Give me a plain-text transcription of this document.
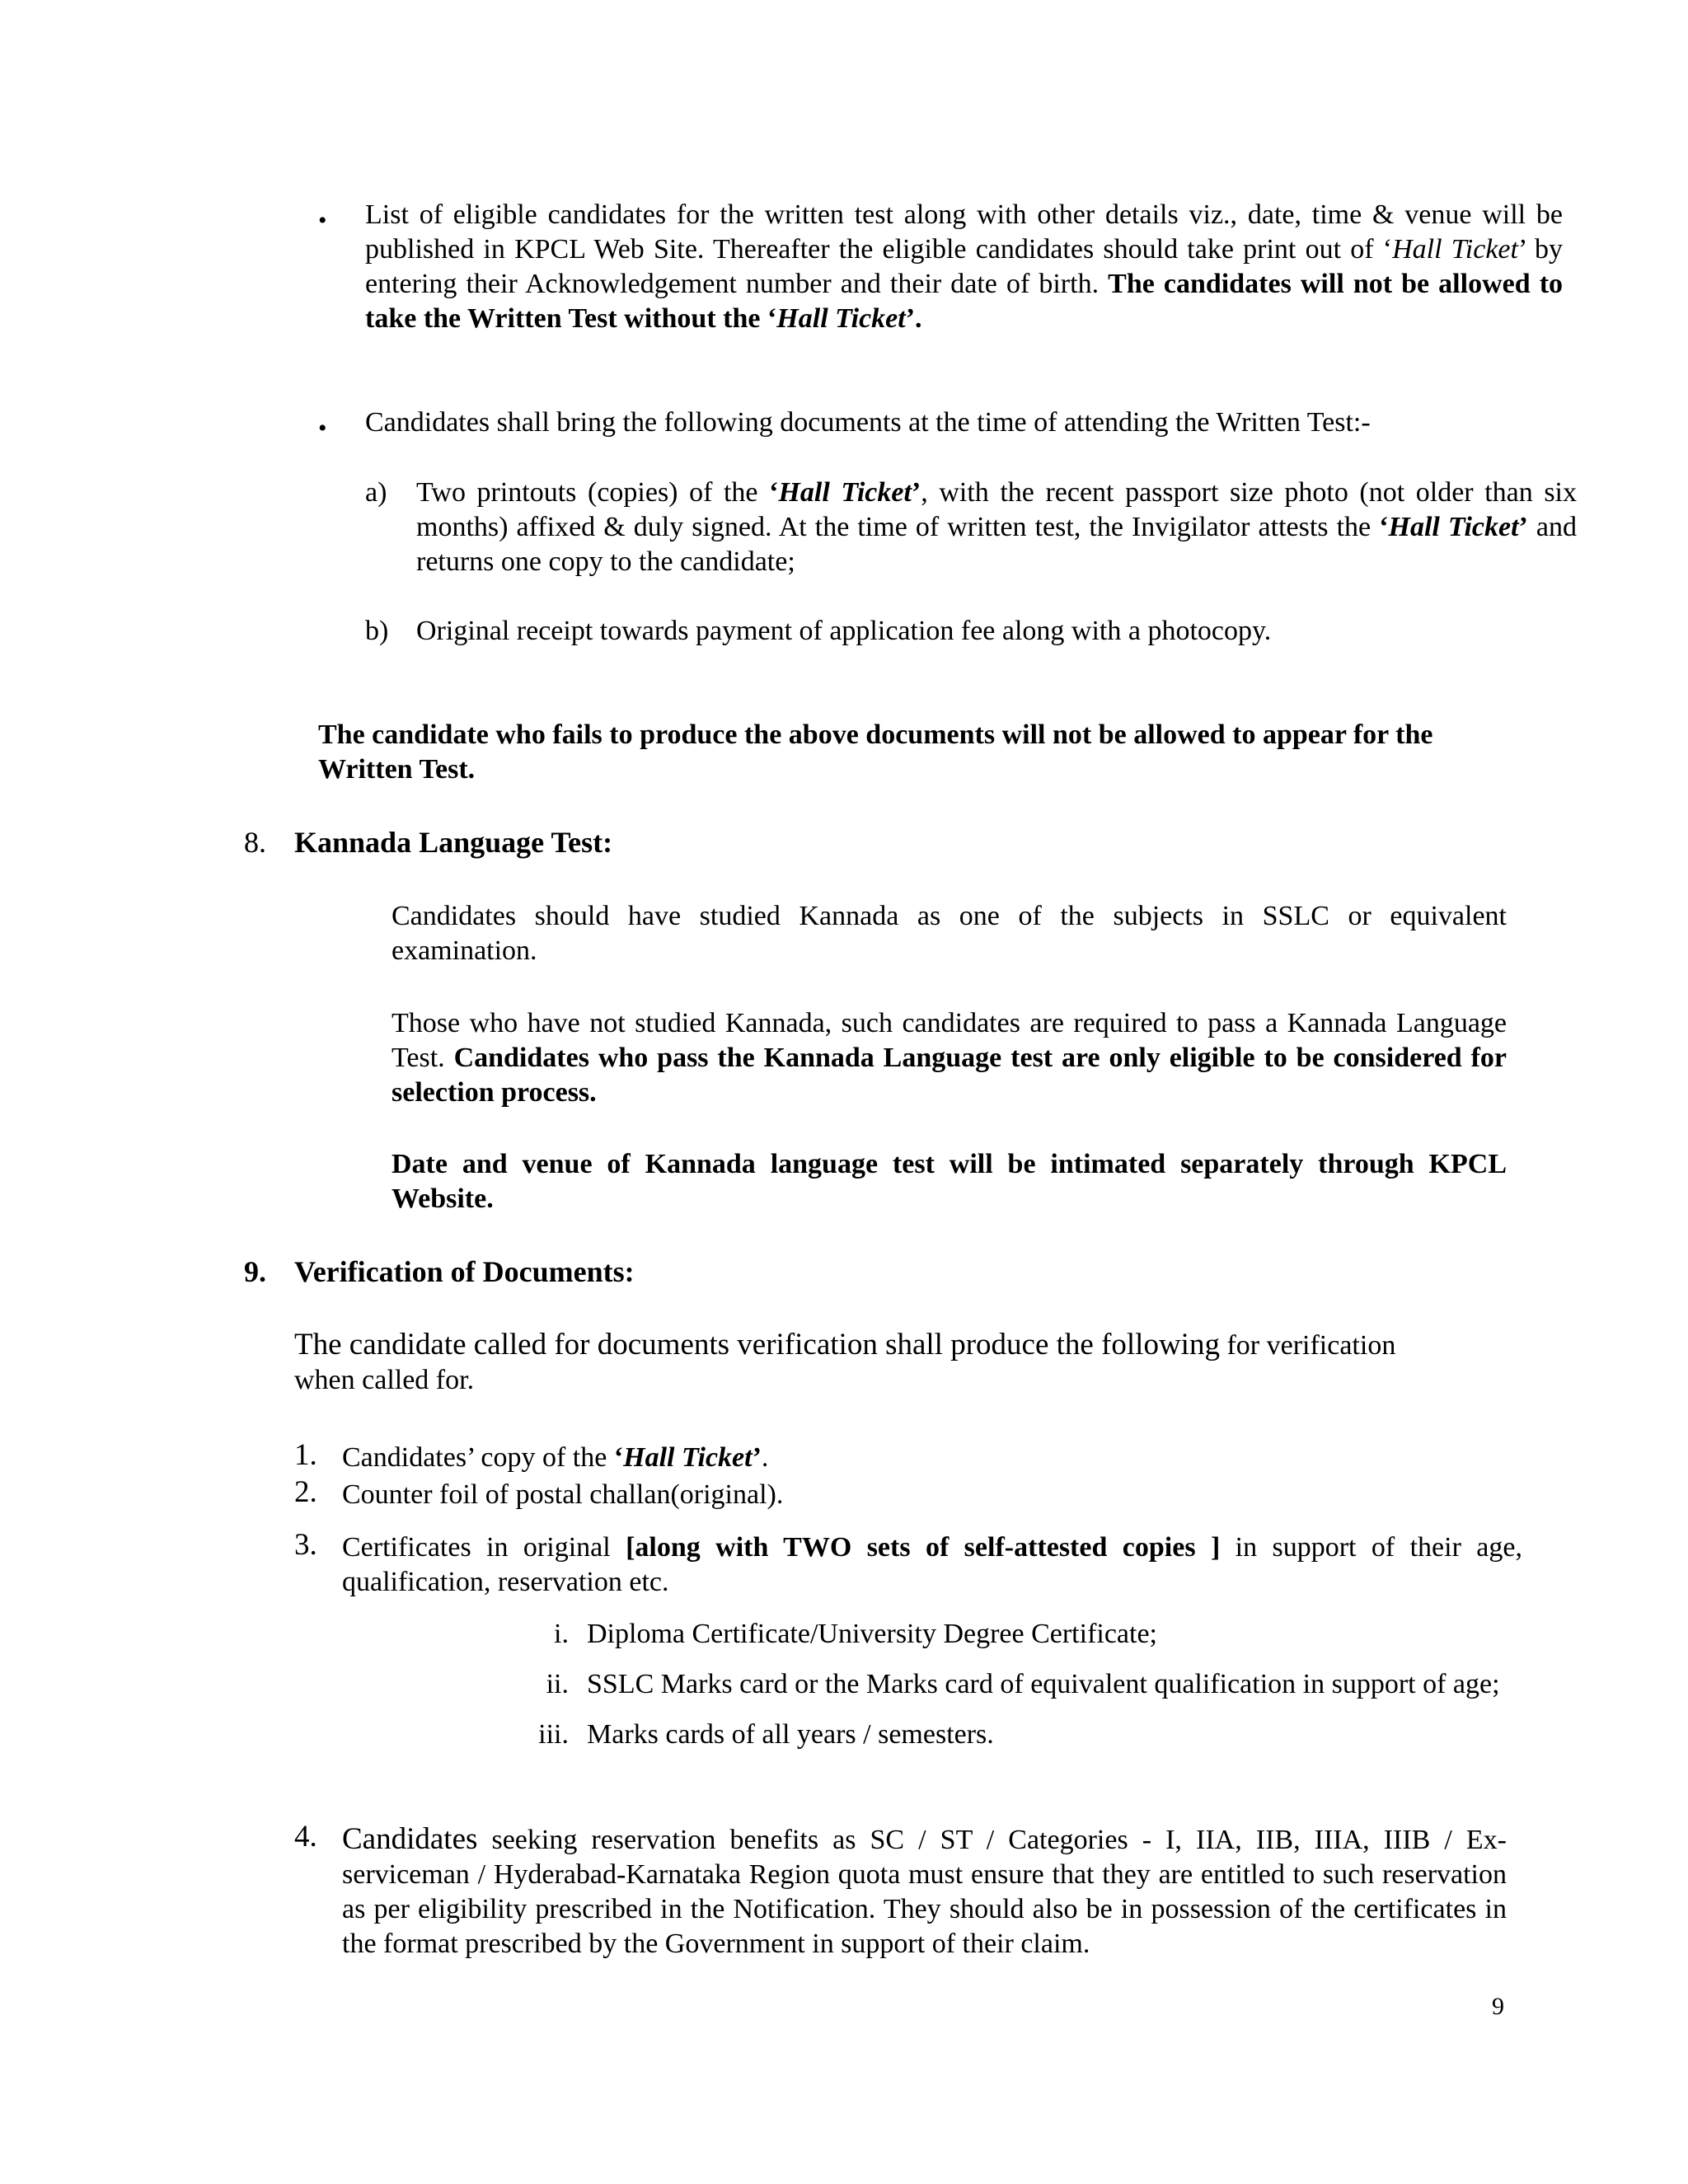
• List of eligible candidates for the written test along with other details viz., date, time & venue will be published in KPCL Web Site. Thereafter the eligible candidates should take print out of ‘Hall Ticket’ by entering their Acknowledgement number and their date of birth. The candidates will not be allowed to take the Written Test without the ‘Hall Ticket’.

• Candidates shall bring the following documents at the time of attending the Written Test:-

a) Two printouts (copies) of the ‘Hall Ticket’, with the recent passport size photo (not older than six months) affixed & duly signed. At the time of written test, the Invigilator attests the ‘Hall Ticket’ and returns one copy to the candidate;

b) Original receipt towards payment of application fee along with a photocopy.

The candidate who fails to produce the above documents will not be allowed to appear for the Written Test.

8. Kannada Language Test:

Candidates should have studied Kannada as one of the subjects in SSLC or equivalent examination.

Those who have not studied Kannada, such candidates are required to pass a Kannada Language Test. Candidates who pass the Kannada Language test are only eligible to be considered for selection process.

Date and venue of Kannada language test will be intimated separately through KPCL Website.

9. Verification of Documents:

The candidate called for documents verification shall produce the following for verification
when called for.

1. Candidates’ copy of the ‘Hall Ticket’.

2. Counter foil of postal challan(original).

3. Certificates in original [along with TWO sets of self-attested copies ] in support of their age, qualification, reservation etc.

i. Diploma Certificate/University Degree Certificate;

ii. SSLC Marks card or the Marks card of equivalent qualification in support of age;

iii. Marks cards of all years / semesters.

4. Candidates seeking reservation benefits as SC / ST / Categories - I, IIA, IIB, IIIA, IIIB / Ex-serviceman / Hyderabad-Karnataka Region quota must ensure that they are entitled to such reservation as per eligibility prescribed in the Notification. They should also be in possession of the certificates in the format prescribed by the Government in support of their claim.

9
